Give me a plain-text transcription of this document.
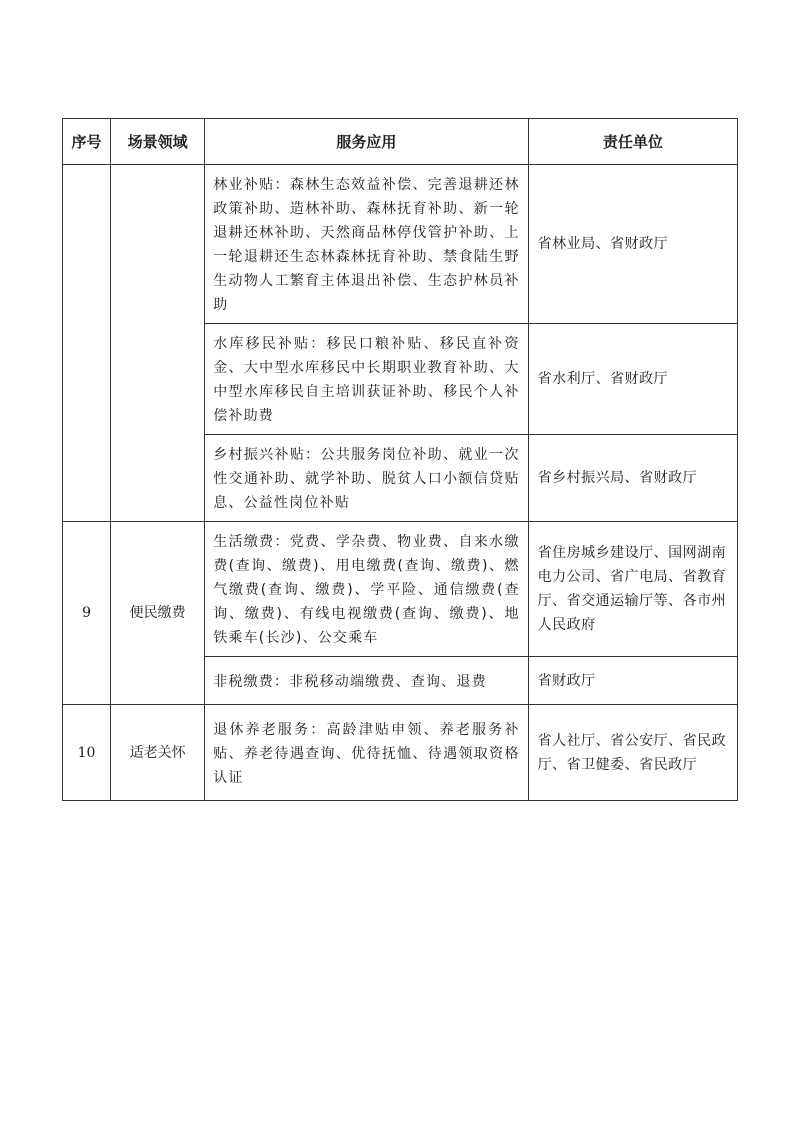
序号	场景领域	服务应用	责任单位
		林业补贴：森林生态效益补偿、完善退耕还林政策补助、造林补助、森林抚育补助、新一轮退耕还林补助、天然商品林停伐管护补助、上一轮退耕还生态林森林抚育补助、禁食陆生野生动物人工繁育主体退出补偿、生态护林员补助	省林业局、省财政厅
		水库移民补贴：移民口粮补贴、移民直补资金、大中型水库移民中长期职业教育补助、大中型水库移民自主培训获证补助、移民个人补偿补助费	省水利厅、省财政厅
		乡村振兴补贴：公共服务岗位补助、就业一次性交通补助、就学补助、脱贫人口小额信贷贴息、公益性岗位补贴	省乡村振兴局、省财政厅
9	便民缴费	生活缴费：党费、学杂费、物业费、自来水缴费(查询、缴费)、用电缴费(查询、缴费)、燃气缴费(查询、缴费)、学平险、通信缴费(查询、缴费)、有线电视缴费(查询、缴费)、地铁乘车(长沙)、公交乘车	省住房城乡建设厅、国网湖南电力公司、省广电局、省教育厅、省交通运输厅等、各市州人民政府
		非税缴费：非税移动端缴费、查询、退费	省财政厅
10	适老关怀	退休养老服务：高龄津贴申领、养老服务补贴、养老待遇查询、优待抚恤、待遇领取资格认证	省人社厅、省公安厅、省民政厅、省卫健委、省民政厅
